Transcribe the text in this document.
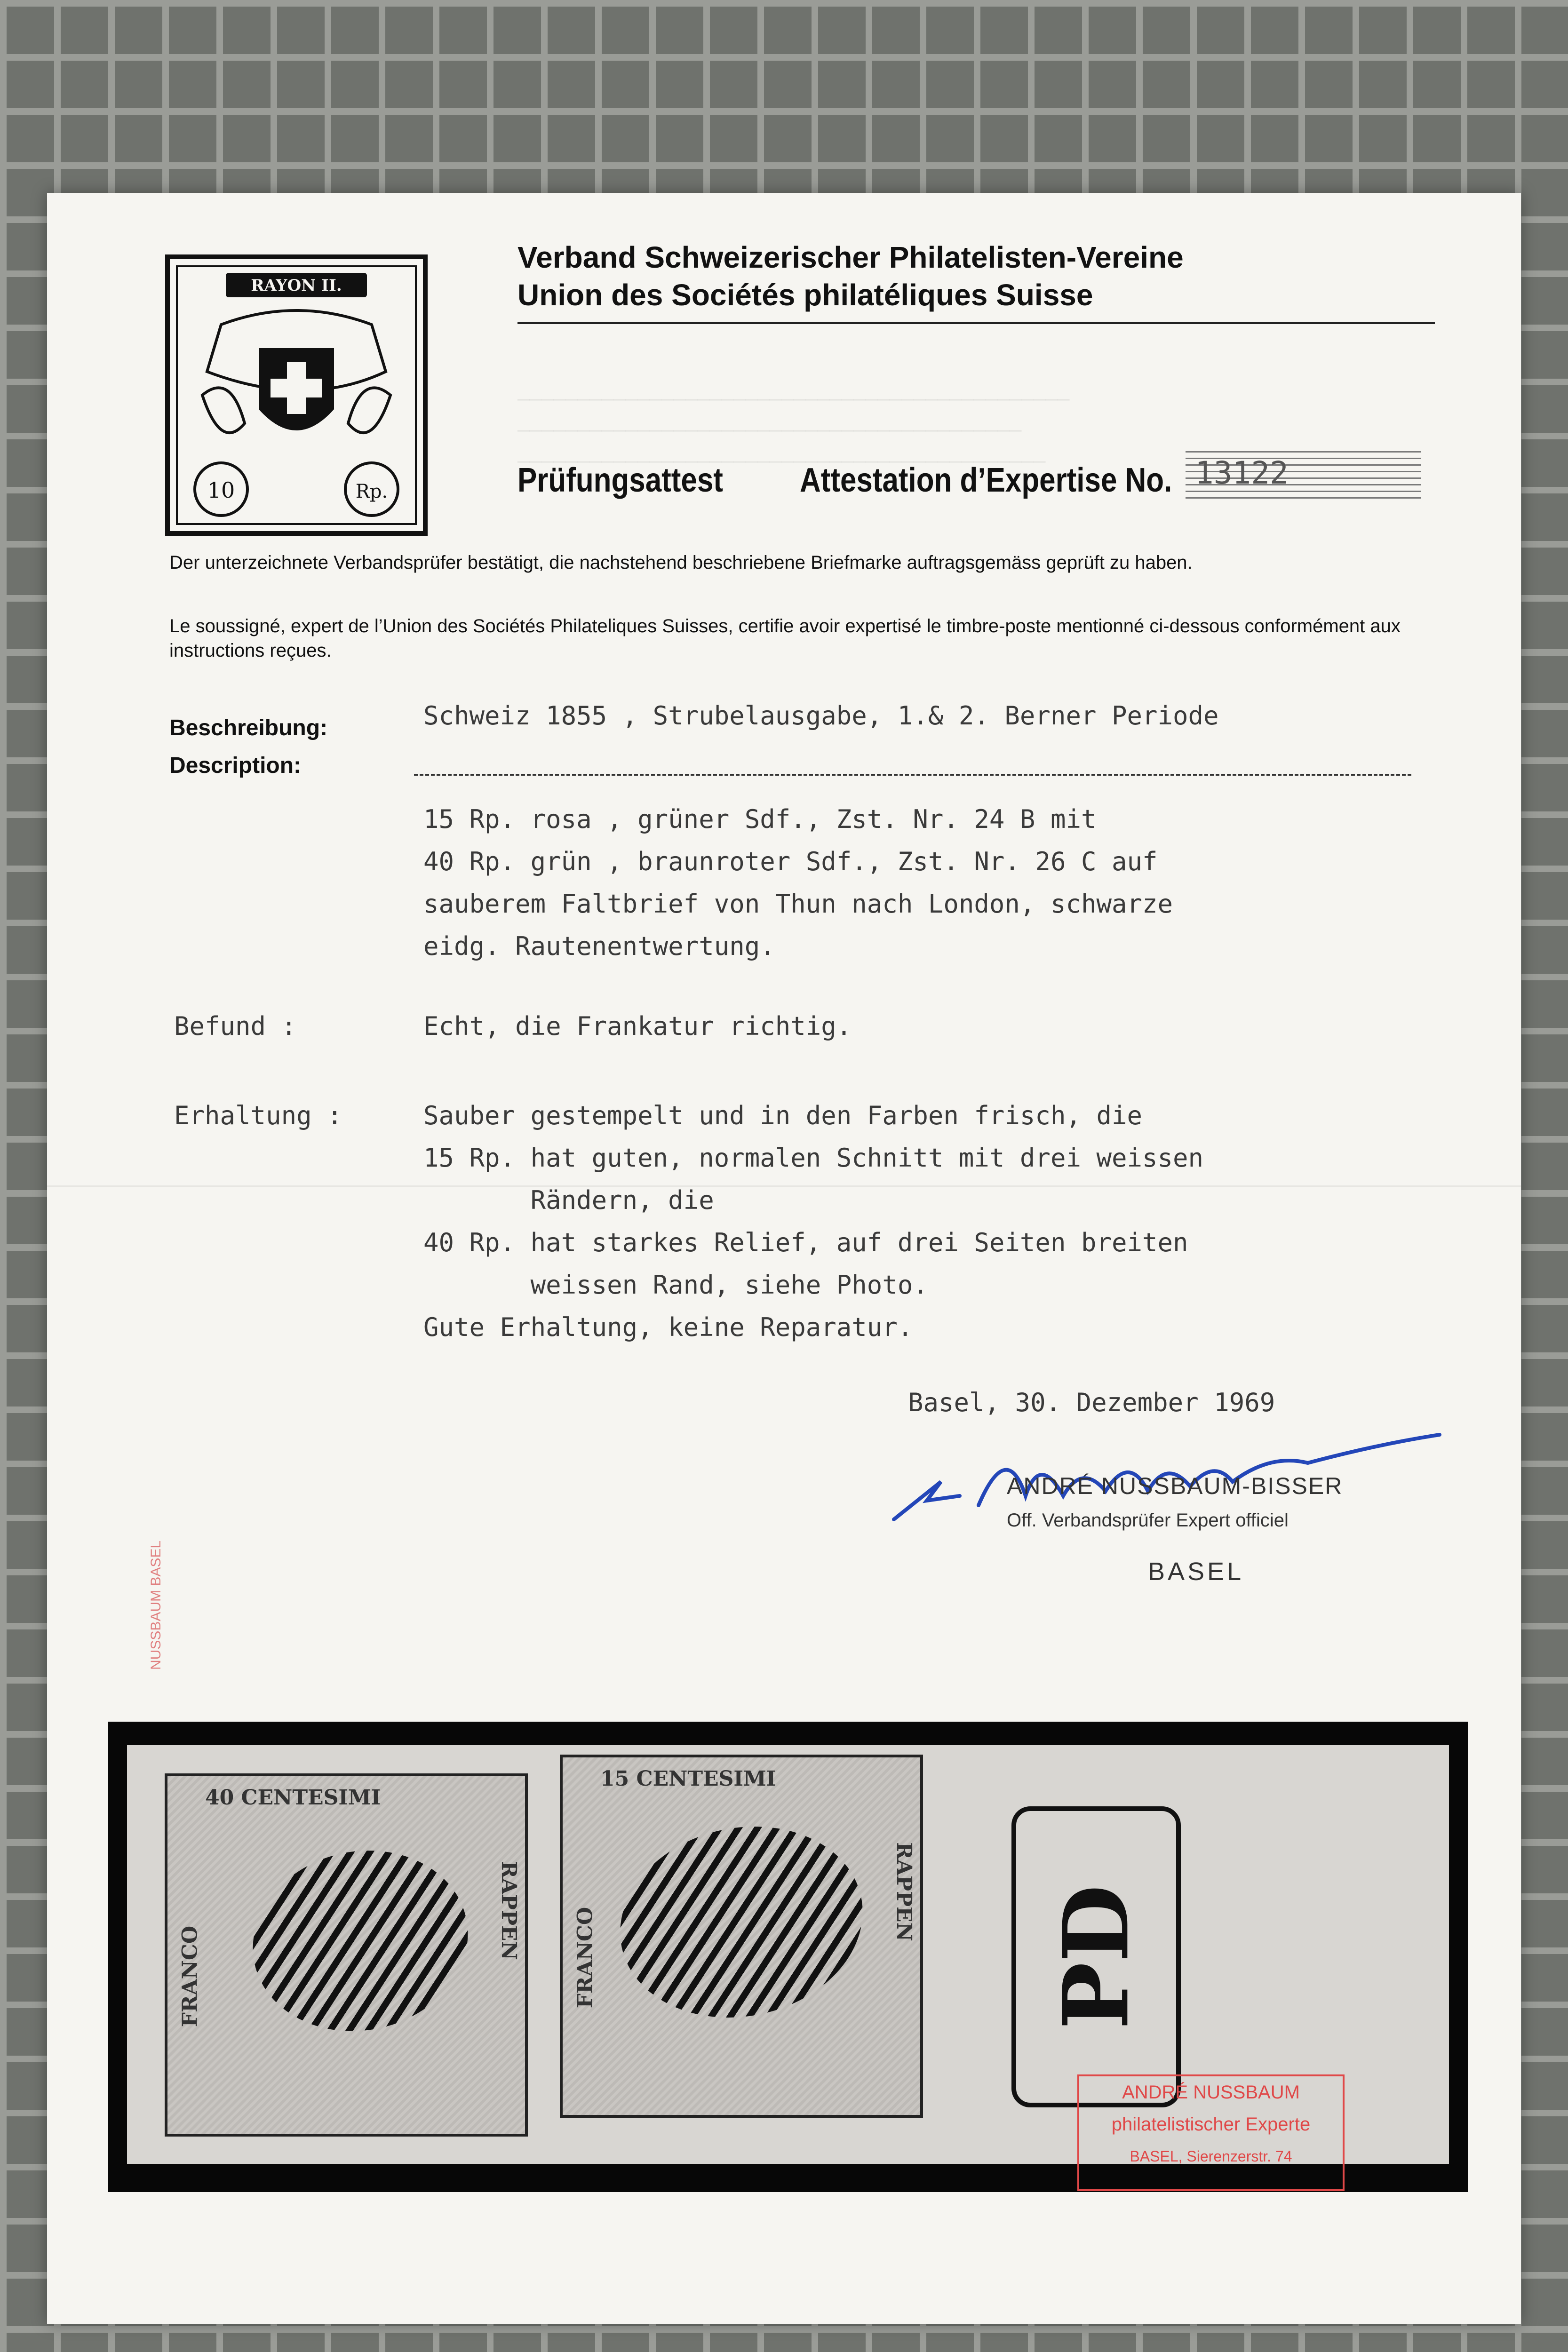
──────────────────────────────────────────────
──────────────────────────────────────────
────────────────────────────────────────────
RAYON II.
10	Rp.
Verband Schweizerischer Philatelisten-Vereine
Union des Sociétés philatéliques Suisse
Prüfungsattest Attestation d’Expertise No. 13122
Der unterzeichnete Verbandsprüfer bestätigt, die nachstehend beschriebene Briefmarke auftragsgemäss geprüft zu haben.
Le soussigné, expert de l’Union des Sociétés Philateliques Suisses, certifie avoir expertisé le timbre-poste mentionné ci-dessous conformément aux instructions reçues.
Beschreibung:
Description:
Schweiz 1855 , Strubelausgabe, 1.& 2. Berner Periode
15 Rp. rosa , grüner Sdf., Zst. Nr. 24 B mit
40 Rp. grün , braunroter Sdf., Zst. Nr. 26 C auf
sauberem Faltbrief von Thun nach London, schwarze
eidg. Rautenentwertung.
Befund :	Echt, die Frankatur richtig.
Erhaltung :	Sauber gestempelt und in den Farben frisch, die
15 Rp. hat guten, normalen Schnitt mit drei weissen
Rändern, die
40 Rp. hat starkes Relief, auf drei Seiten breiten
weissen Rand, siehe Photo.
Gute Erhaltung, keine Reparatur.
Basel, 30. Dezember 1969
ANDRÉ NUSSBAUM-BISSER
Off. Verbandsprüfer Expert officiel
BASEL
40 CENTESIMI
FRANCO
RAPPEN
15 CENTESIMI
FRANCO
RAPPEN PD
ANDRÉ NUSSBAUM
philatelistischer Experte
BASEL, Sierenzerstr. 74
NUSSBAUM BASEL
